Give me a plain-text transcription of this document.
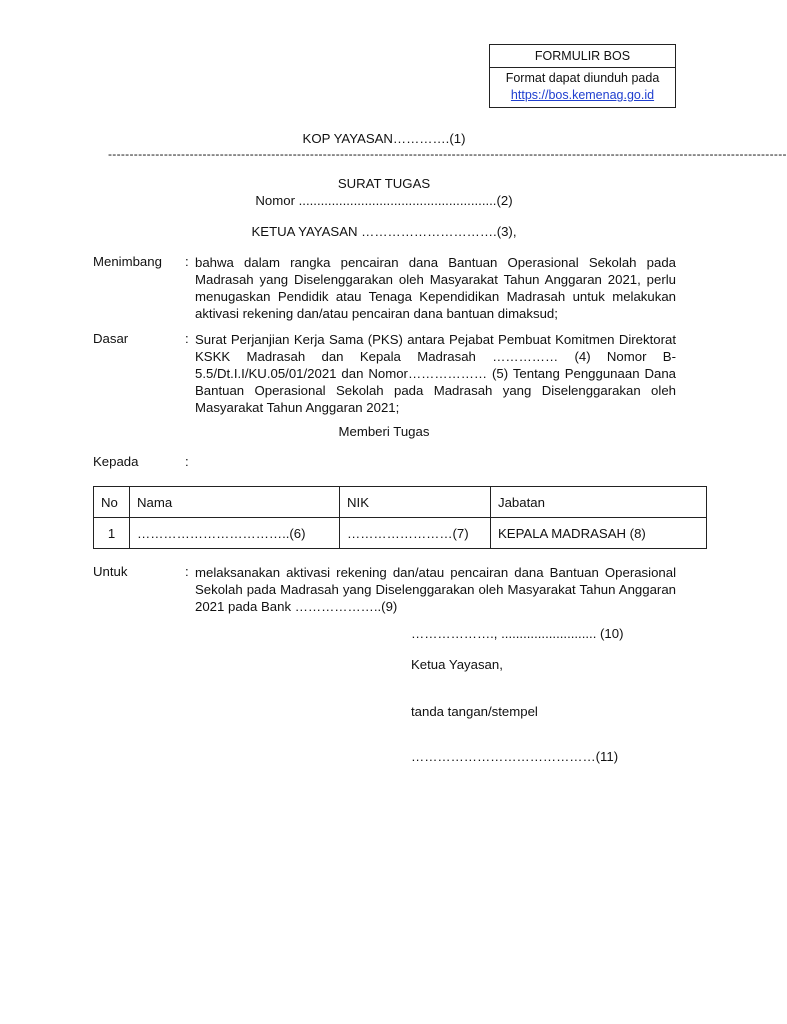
FORMULIR BOS
Format dapat diunduh pada
https://bos.kemenag.go.id
KOP YAYASAN………….(1)
--------------------------------------------------------------------------------------------------------------------------------------------------------------
SURAT TUGAS
Nomor ......................................................(2)
KETUA YAYASAN ………………………….(3),
Menimbang : bahwa dalam rangka pencairan dana Bantuan Operasional Sekolah pada Madrasah yang Diselenggarakan oleh Masyarakat Tahun Anggaran 2021, perlu menugaskan Pendidik atau Tenaga Kependidikan Madrasah untuk melakukan aktivasi rekening dan/atau pencairan dana bantuan dimaksud;
Dasar	: Surat Perjanjian Kerja Sama (PKS) antara Pejabat Pembuat Komitmen Direktorat KSKK Madrasah dan Kepala Madrasah …………… (4) Nomor B-5.5/Dt.I.I/KU.05/01/2021 dan Nomor……………… (5) Tentang Penggunaan Dana Bantuan Operasional Sekolah pada Madrasah yang Diselenggarakan oleh Masyarakat Tahun Anggaran 2021;
Memberi Tugas
Kepada	:
No	Nama	NIK	Jabatan
1	……………………………..(6)	……………………(7)	KEPALA MADRASAH (8)
Untuk	: melaksanakan aktivasi rekening dan/atau pencairan dana Bantuan Operasional Sekolah pada Madrasah yang Diselenggarakan oleh Masyarakat Tahun Anggaran 2021 pada Bank ………………..(9)
………………., .......................... (10)
Ketua Yayasan,
tanda tangan/stempel
……………………………………(11)
